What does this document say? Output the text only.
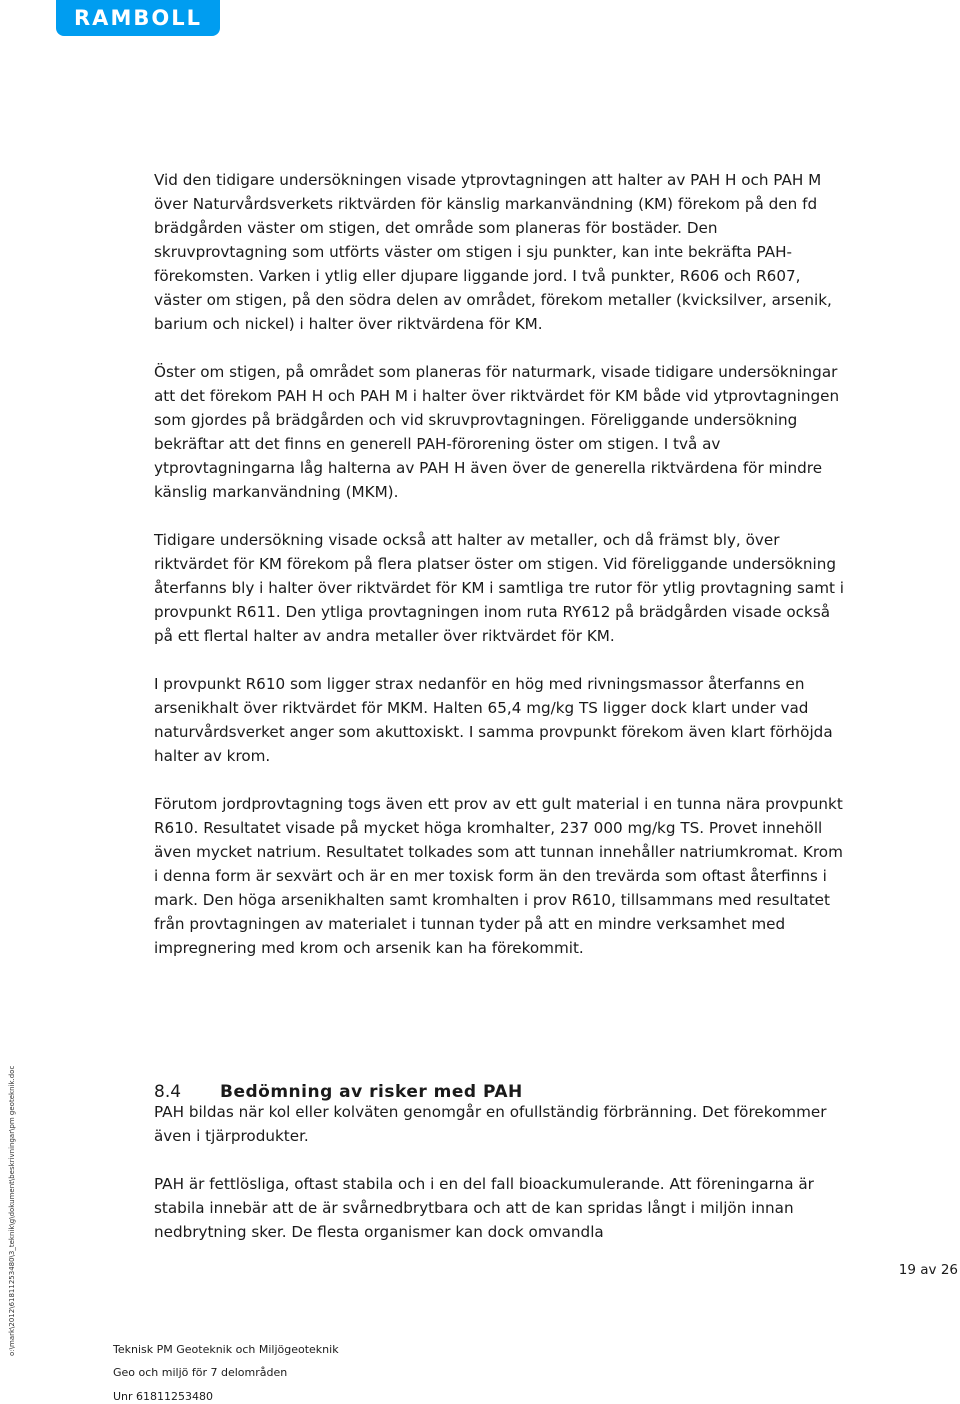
RAMBOLL

Vid den tidigare undersökningen visade ytprovtagningen att halter av PAH H och PAH M över Naturvårdsverkets riktvärden för känslig markanvändning (KM) förekom på den fd brädgården väster om stigen, det område som planeras för bostäder. Den skruvprovtagning som utförts väster om stigen i sju punkter, kan inte bekräfta PAH-förekomsten. Varken i ytlig eller djupare liggande jord. I två punkter, R606 och R607, väster om stigen, på den södra delen av området, förekom metaller (kvicksilver, arsenik, barium och nickel) i halter över riktvärdena för KM.

Öster om stigen, på området som planeras för naturmark, visade tidigare undersökningar att det förekom PAH H och PAH M i halter över riktvärdet för KM både vid ytprovtagningen som gjordes på brädgården och vid skruvprovtagningen. Föreliggande undersökning bekräftar att det finns en generell PAH-förorening öster om stigen. I två av ytprovtagningarna låg halterna av PAH H även över de generella riktvärdena för mindre känslig markanvändning (MKM).

Tidigare undersökning visade också att halter av metaller, och då främst bly, över riktvärdet för KM förekom på flera platser öster om stigen. Vid föreliggande undersökning återfanns bly i halter över riktvärdet för KM i samtliga tre rutor för ytlig provtagning samt i provpunkt R611. Den ytliga provtagningen inom ruta RY612 på brädgården visade också på ett flertal halter av andra metaller över riktvärdet för KM.

I provpunkt R610 som ligger strax nedanför en hög med rivningsmassor återfanns en arsenikhalt över riktvärdet för MKM. Halten 65,4 mg/kg TS ligger dock klart under vad naturvårdsverket anger som akuttoxiskt. I samma provpunkt förekom även klart förhöjda halter av krom.

Förutom jordprovtagning togs även ett prov av ett gult material i en tunna nära provpunkt R610. Resultatet visade på mycket höga kromhalter, 237 000 mg/kg TS. Provet innehöll även mycket natrium. Resultatet tolkades som att tunnan innehåller natriumkromat. Krom i denna form är sexvärt och är en mer toxisk form än den trevärda som oftast återfinns i mark. Den höga arsenikhalten samt kromhalten i prov R610, tillsammans med resultatet från provtagningen av materialet i tunnan tyder på att en mindre verksamhet med impregnering med krom och arsenik kan ha förekommit.

8.4 Bedömning av risker med PAH

PAH bildas när kol eller kolväten genomgår en ofullständig förbränning. Det förekommer även i tjärprodukter.

PAH är fettlösliga, oftast stabila och i en del fall bioackumulerande. Att föreningarna är stabila innebär att de är svårnedbrytbara och att de kan spridas långt i miljön innan nedbrytning sker. De flesta organismer kan dock omvandla

19 av 26
Teknisk PM Geoteknik och Miljögeoteknik
Geo och miljö för 7 delområden
Unr 61811253480
o:\mark\2012\61811253480\3_teknik\g\dokument\beskrivningar\pm geoteknik.doc
